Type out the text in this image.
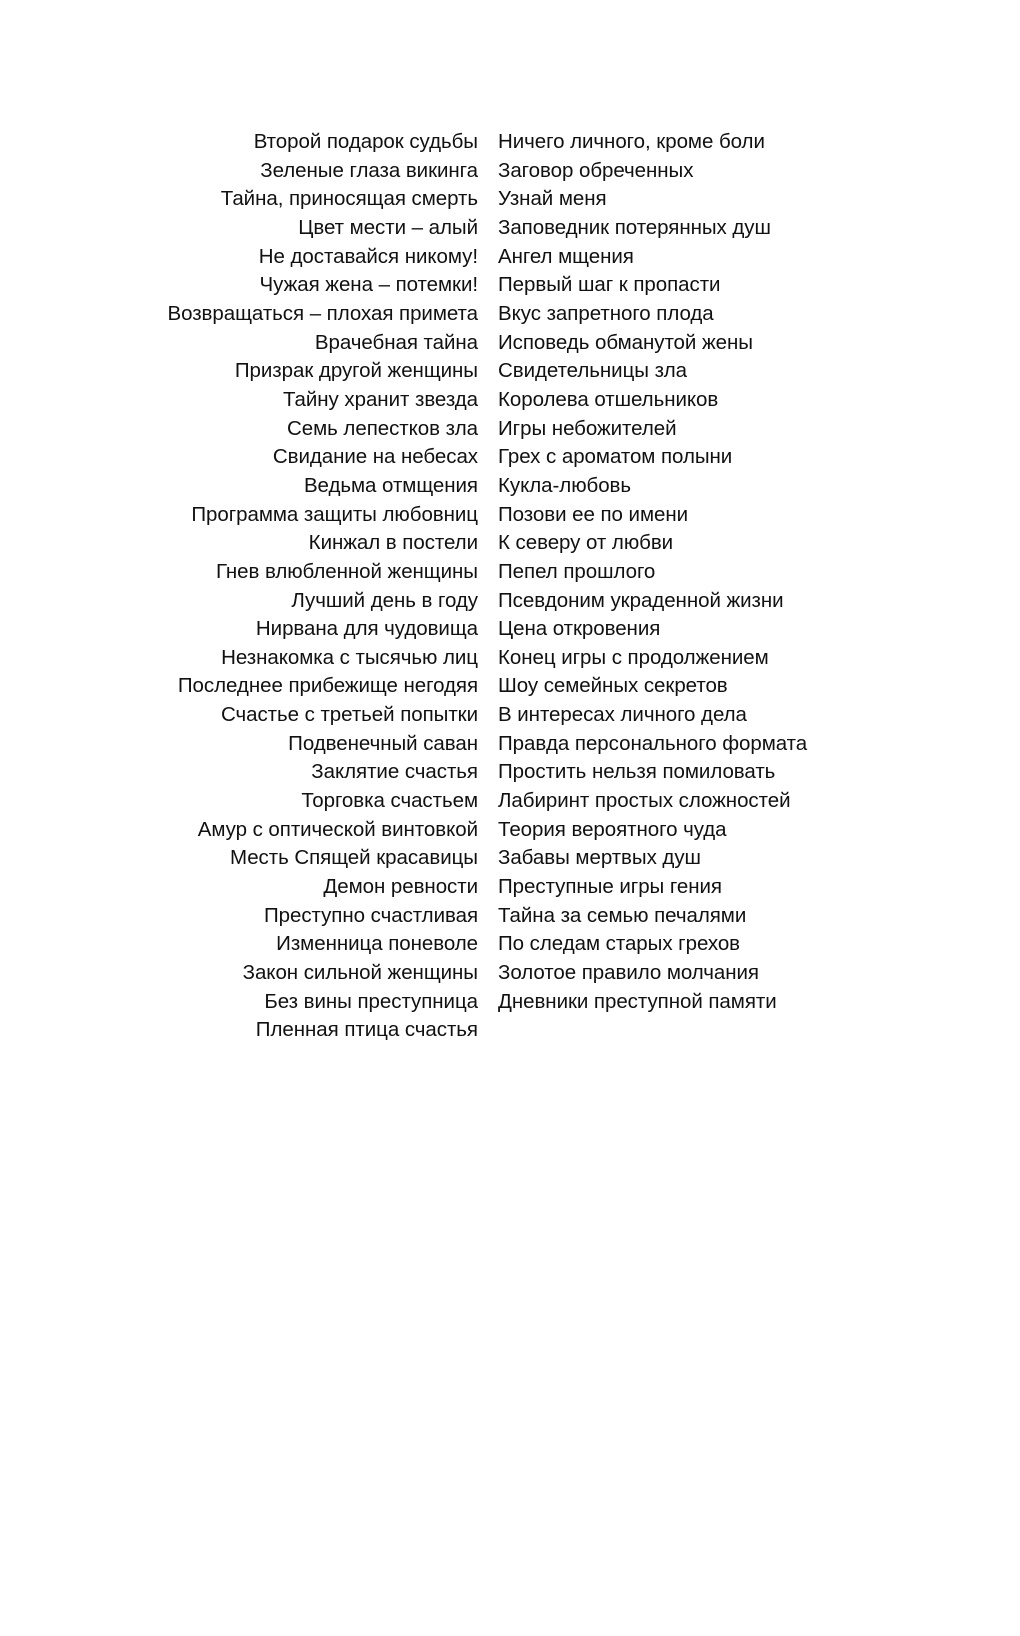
Второй подарок судьбы
Зеленые глаза викинга
Тайна, приносящая смерть
Цвет мести – алый
Не доставайся никому!
Чужая жена – потемки!
Возвращаться – плохая примета
Врачебная тайна
Призрак другой женщины
Тайну хранит звезда
Семь лепестков зла
Свидание на небесах
Ведьма отмщения
Программа защиты любовниц
Кинжал в постели
Гнев влюбленной женщины
Лучший день в году
Нирвана для чудовища
Незнакомка с тысячью лиц
Последнее прибежище негодяя
Счастье с третьей попытки
Подвенечный саван
Заклятие счастья
Торговка счастьем
Амур с оптической винтовкой
Месть Спящей красавицы
Демон ревности
Преступно счастливая
Изменница поневоле
Закон сильной женщины
Без вины преступница
Пленная птица счастья
Ничего личного, кроме боли
Заговор обреченных
Узнай меня
Заповедник потерянных душ
Ангел мщения
Первый шаг к пропасти
Вкус запретного плода
Исповедь обманутой жены
Свидетельницы зла
Королева отшельников
Игры небожителей
Грех с ароматом полыни
Кукла-любовь
Позови ее по имени
К северу от любви
Пепел прошлого
Псевдоним украденной жизни
Цена откровения
Конец игры с продолжением
Шоу семейных секретов
В интересах личного дела
Правда персонального формата
Простить нельзя помиловать
Лабиринт простых сложностей
Теория вероятного чуда
Забавы мертвых душ
Преступные игры гения
Тайна за семью печалями
По следам старых грехов
Золотое правило молчания
Дневники преступной памяти
